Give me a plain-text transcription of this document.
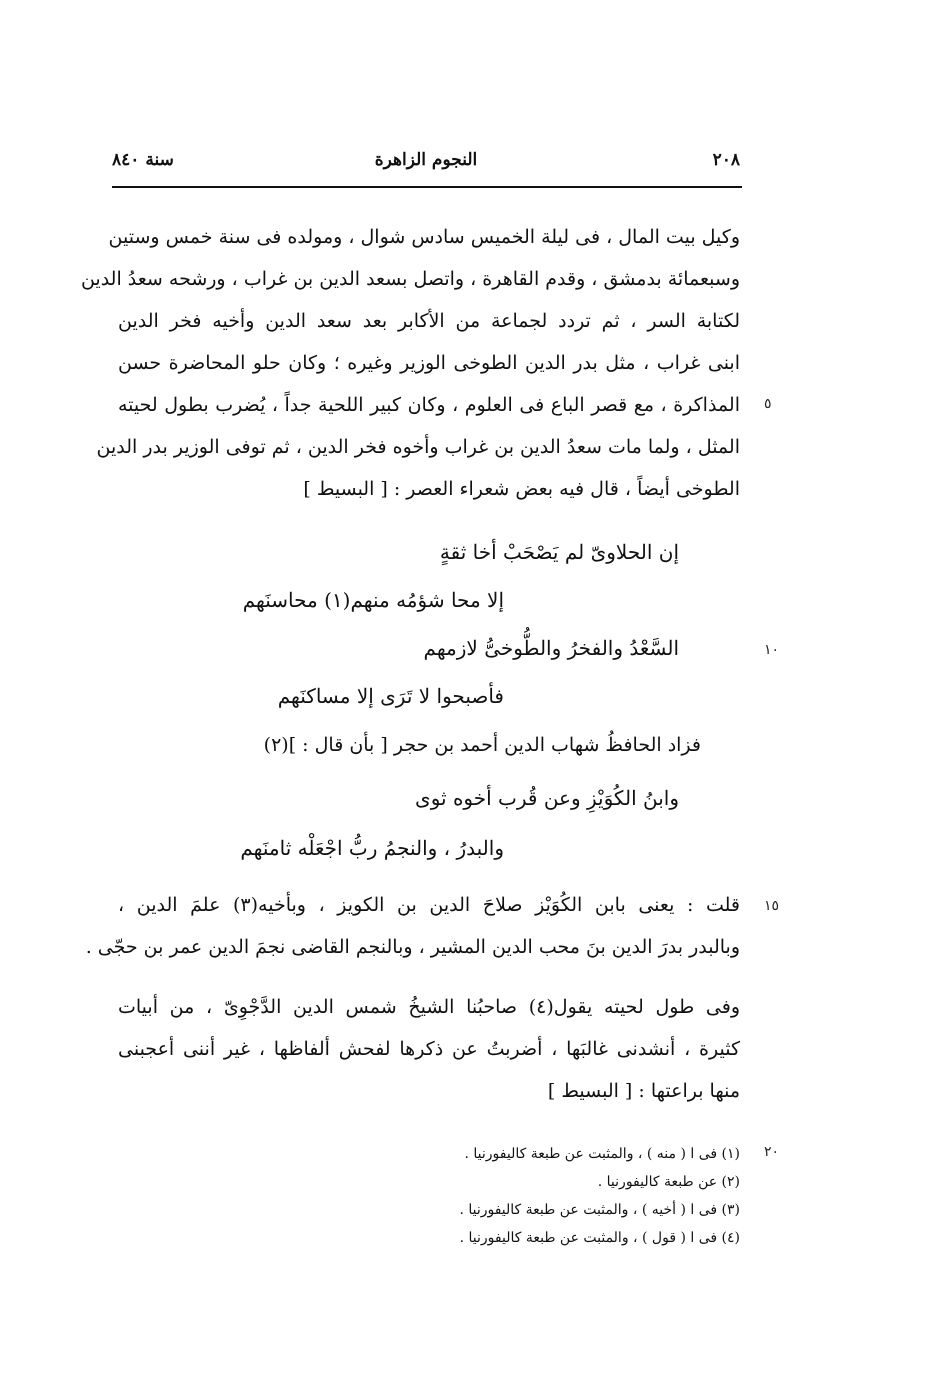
٢٠٨
النجوم الزاهرة
سنة ٨٤٠
وكيل بيت المال ، فى ليلة الخميس سادس شوال ، ومولده فى سنة خمس وستين
وسبعمائة بدمشق ، وقدم القاهرة ، واتصل بسعد الدين بن غراب ، ورشحه سعدُ الدين
لكتابة السر ، ثم تردد لجماعة من الأكابر بعد سعد الدين وأخيه فخر الدين
ابنى غراب ، مثل بدر الدين الطوخى الوزير وغيره ؛ وكان حلو المحاضرة حسن
المذاكرة ، مع قصر الباع فى العلوم ، وكان كبير اللحية جداً ، يُضرب بطول لحيته
المثل ، ولما مات سعدُ الدين بن غراب وأخوه فخر الدين ، ثم توفى الوزير بدر الدين
الطوخى أيضاً ، قال فيه بعض شعراء العصر : [ البسيط ]
٥
١٠
١٥
٢٠
إن الحلاوىّ لم يَصْحَبْ أخا ثقةٍ
إلا محا شؤمُه منهم(١) محاسنَهم
السَّعْدُ والفخرُ والطُّوخىُّ لازمهم
فأصبحوا لا تَرَى إلا مساكنَهم
فزاد الحافظُ شهاب الدين أحمد بن حجر [ بأن قال : ](٢)
وابنُ الكُوَيْزِ وعن قُرب أخوه ثوى
والبدرُ ، والنجمُ ربُّ اجْعَلْه ثامنَهم
قلت : يعنى بابن الكُوَيْز صلاحَ الدين بن الكويز ، وبأخيه(٣) علمَ الدين ،
وبالبدر بدرَ الدين بنَ محب الدين المشير ، وبالنجم القاضى نجمَ الدين عمر بن حجّى .
وفى طول لحيته يقول(٤) صاحبُنا الشيخُ شمس الدين الدَّجْوِىّ ، من أبيات
كثيرة ، أنشدنى غالبَها ، أضربتُ عن ذكرها لفحش ألفاظها ، غير أننى أعجبنى
منها براعتها : [ البسيط ]
(١) فى ا ( منه ) ، والمثبت عن طبعة كاليفورنيا .
(٢) عن طبعة كاليفورنيا .
(٣) فى ا ( أخيه ) ، والمثبت عن طبعة كاليفورنيا .
(٤) فى ا ( قول ) ، والمثبت عن طبعة كاليفورنيا .
